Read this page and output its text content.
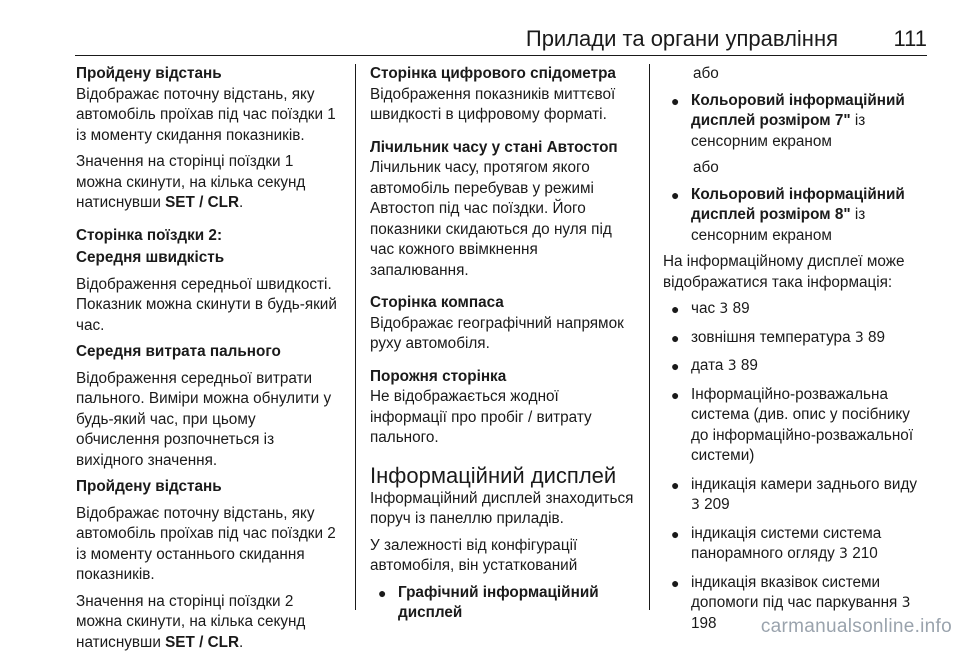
Прилади та органи управління	111
Пройдену відстань

Відображає поточну відстань, яку автомобіль проїхав під час поїздки 1 із моменту скидання показників.

Значення на сторінці поїздки 1 можна скинути, на кілька секунд натиснувши SET / CLR.

Сторінка поїздки 2:
Середня швидкість

Відображення середньої швидкості. Показник можна скинути в будь-який час.

Середня витрата пального

Відображення середньої витрати пального. Виміри можна обнулити у будь-який час, при цьому обчислення розпочнеться із вихідного значення.

Пройдену відстань

Відображає поточну відстань, яку автомобіль проїхав під час поїздки 2 із моменту останнього скидання показників.

Значення на сторінці поїздки 2 можна скинути, на кілька секунд натиснувши SET / CLR.

Сторінка цифрового спідометра

Відображення показників миттєвої швидкості в цифровому форматі.

Лічильник часу у стані Автостоп

Лічильник часу, протягом якого автомобіль перебував у режимі Автостоп під час поїздки. Його показники скидаються до нуля під час кожного ввімкнення запалювання.

Сторінка компаса

Відображає географічний напрямок руху автомобіля.

Порожня сторінка

Не відображається жодної інформації про пробіг / витрату пального.

Інформаційний дисплей

Інформаційний дисплей знаходиться поруч із панеллю приладів.

У залежності від конфігурації автомобіля, він устаткований

● Графічний інформаційний дисплей

або

● Кольоровий інформаційний дисплей розміром 7" із сенсорним екраном

або

● Кольоровий інформаційний дисплей розміром 8" із сенсорним екраном

На інформаційному дисплеї може відображатися така інформація:

● час 3 89
● зовнішня температура 3 89
● дата 3 89
● Інформаційно-розважальна система (див. опис у посібнику до інформаційно-розважальної системи)
● індикація камери заднього виду 3 209
● індикація системи система панорамного огляду 3 210
● індикація вказівок системи допомоги під час паркування 3 198	carmanualsonline.info
